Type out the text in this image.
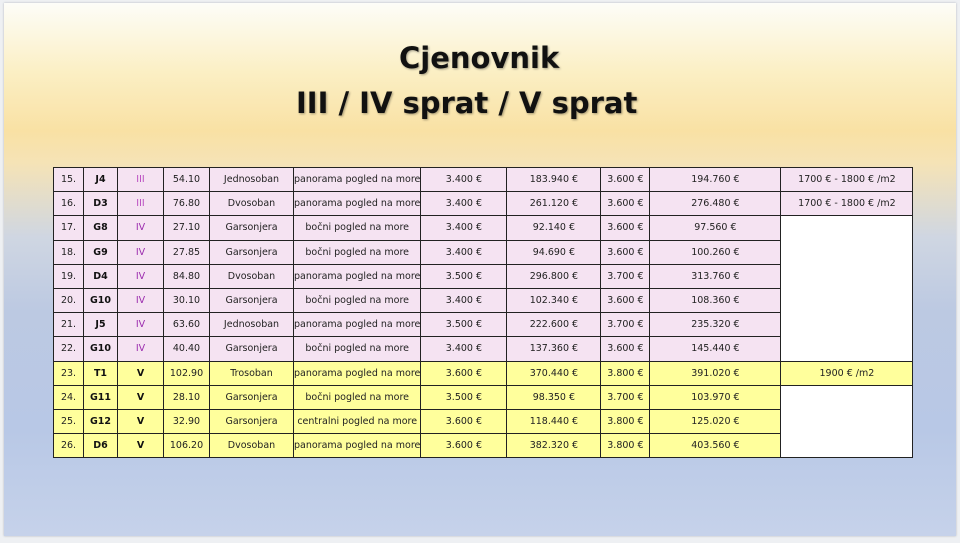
Cjenovnik
III / IV sprat / V sprat
15.	J4	III	54.10	Jednosoban	panorama pogled na more	3.400 €	183.940 €	3.600 €	194.760 €	1700 € - 1800 € /m2
16.	D3	III	76.80	Dvosoban	panorama pogled na more	3.400 €	261.120 €	3.600 €	276.480 €	1700 € - 1800 € /m2
17.	G8	IV	27.10	Garsonjera	bočni pogled na more	3.400 €	92.140 €	3.600 €	97.560 €	
18.	G9	IV	27.85	Garsonjera	bočni pogled na more	3.400 €	94.690 €	3.600 €	100.260 €	
19.	D4	IV	84.80	Dvosoban	panorama pogled na more	3.500 €	296.800 €	3.700 €	313.760 €	
20.	G10	IV	30.10	Garsonjera	bočni pogled na more	3.400 €	102.340 €	3.600 €	108.360 €	
21.	J5	IV	63.60	Jednosoban	panorama pogled na more	3.500 €	222.600 €	3.700 €	235.320 €	
22.	G10	IV	40.40	Garsonjera	bočni pogled na more	3.400 €	137.360 €	3.600 €	145.440 €	
23.	T1	V	102.90	Trosoban	panorama pogled na more	3.600 €	370.440 €	3.800 €	391.020 €	1900 € /m2
24.	G11	V	28.10	Garsonjera	bočni pogled na more	3.500 €	98.350 €	3.700 €	103.970 €	
25.	G12	V	32.90	Garsonjera	centralni pogled na more	3.600 €	118.440 €	3.800 €	125.020 €	
26.	D6	V	106.20	Dvosoban	panorama pogled na more	3.600 €	382.320 €	3.800 €	403.560 €	
